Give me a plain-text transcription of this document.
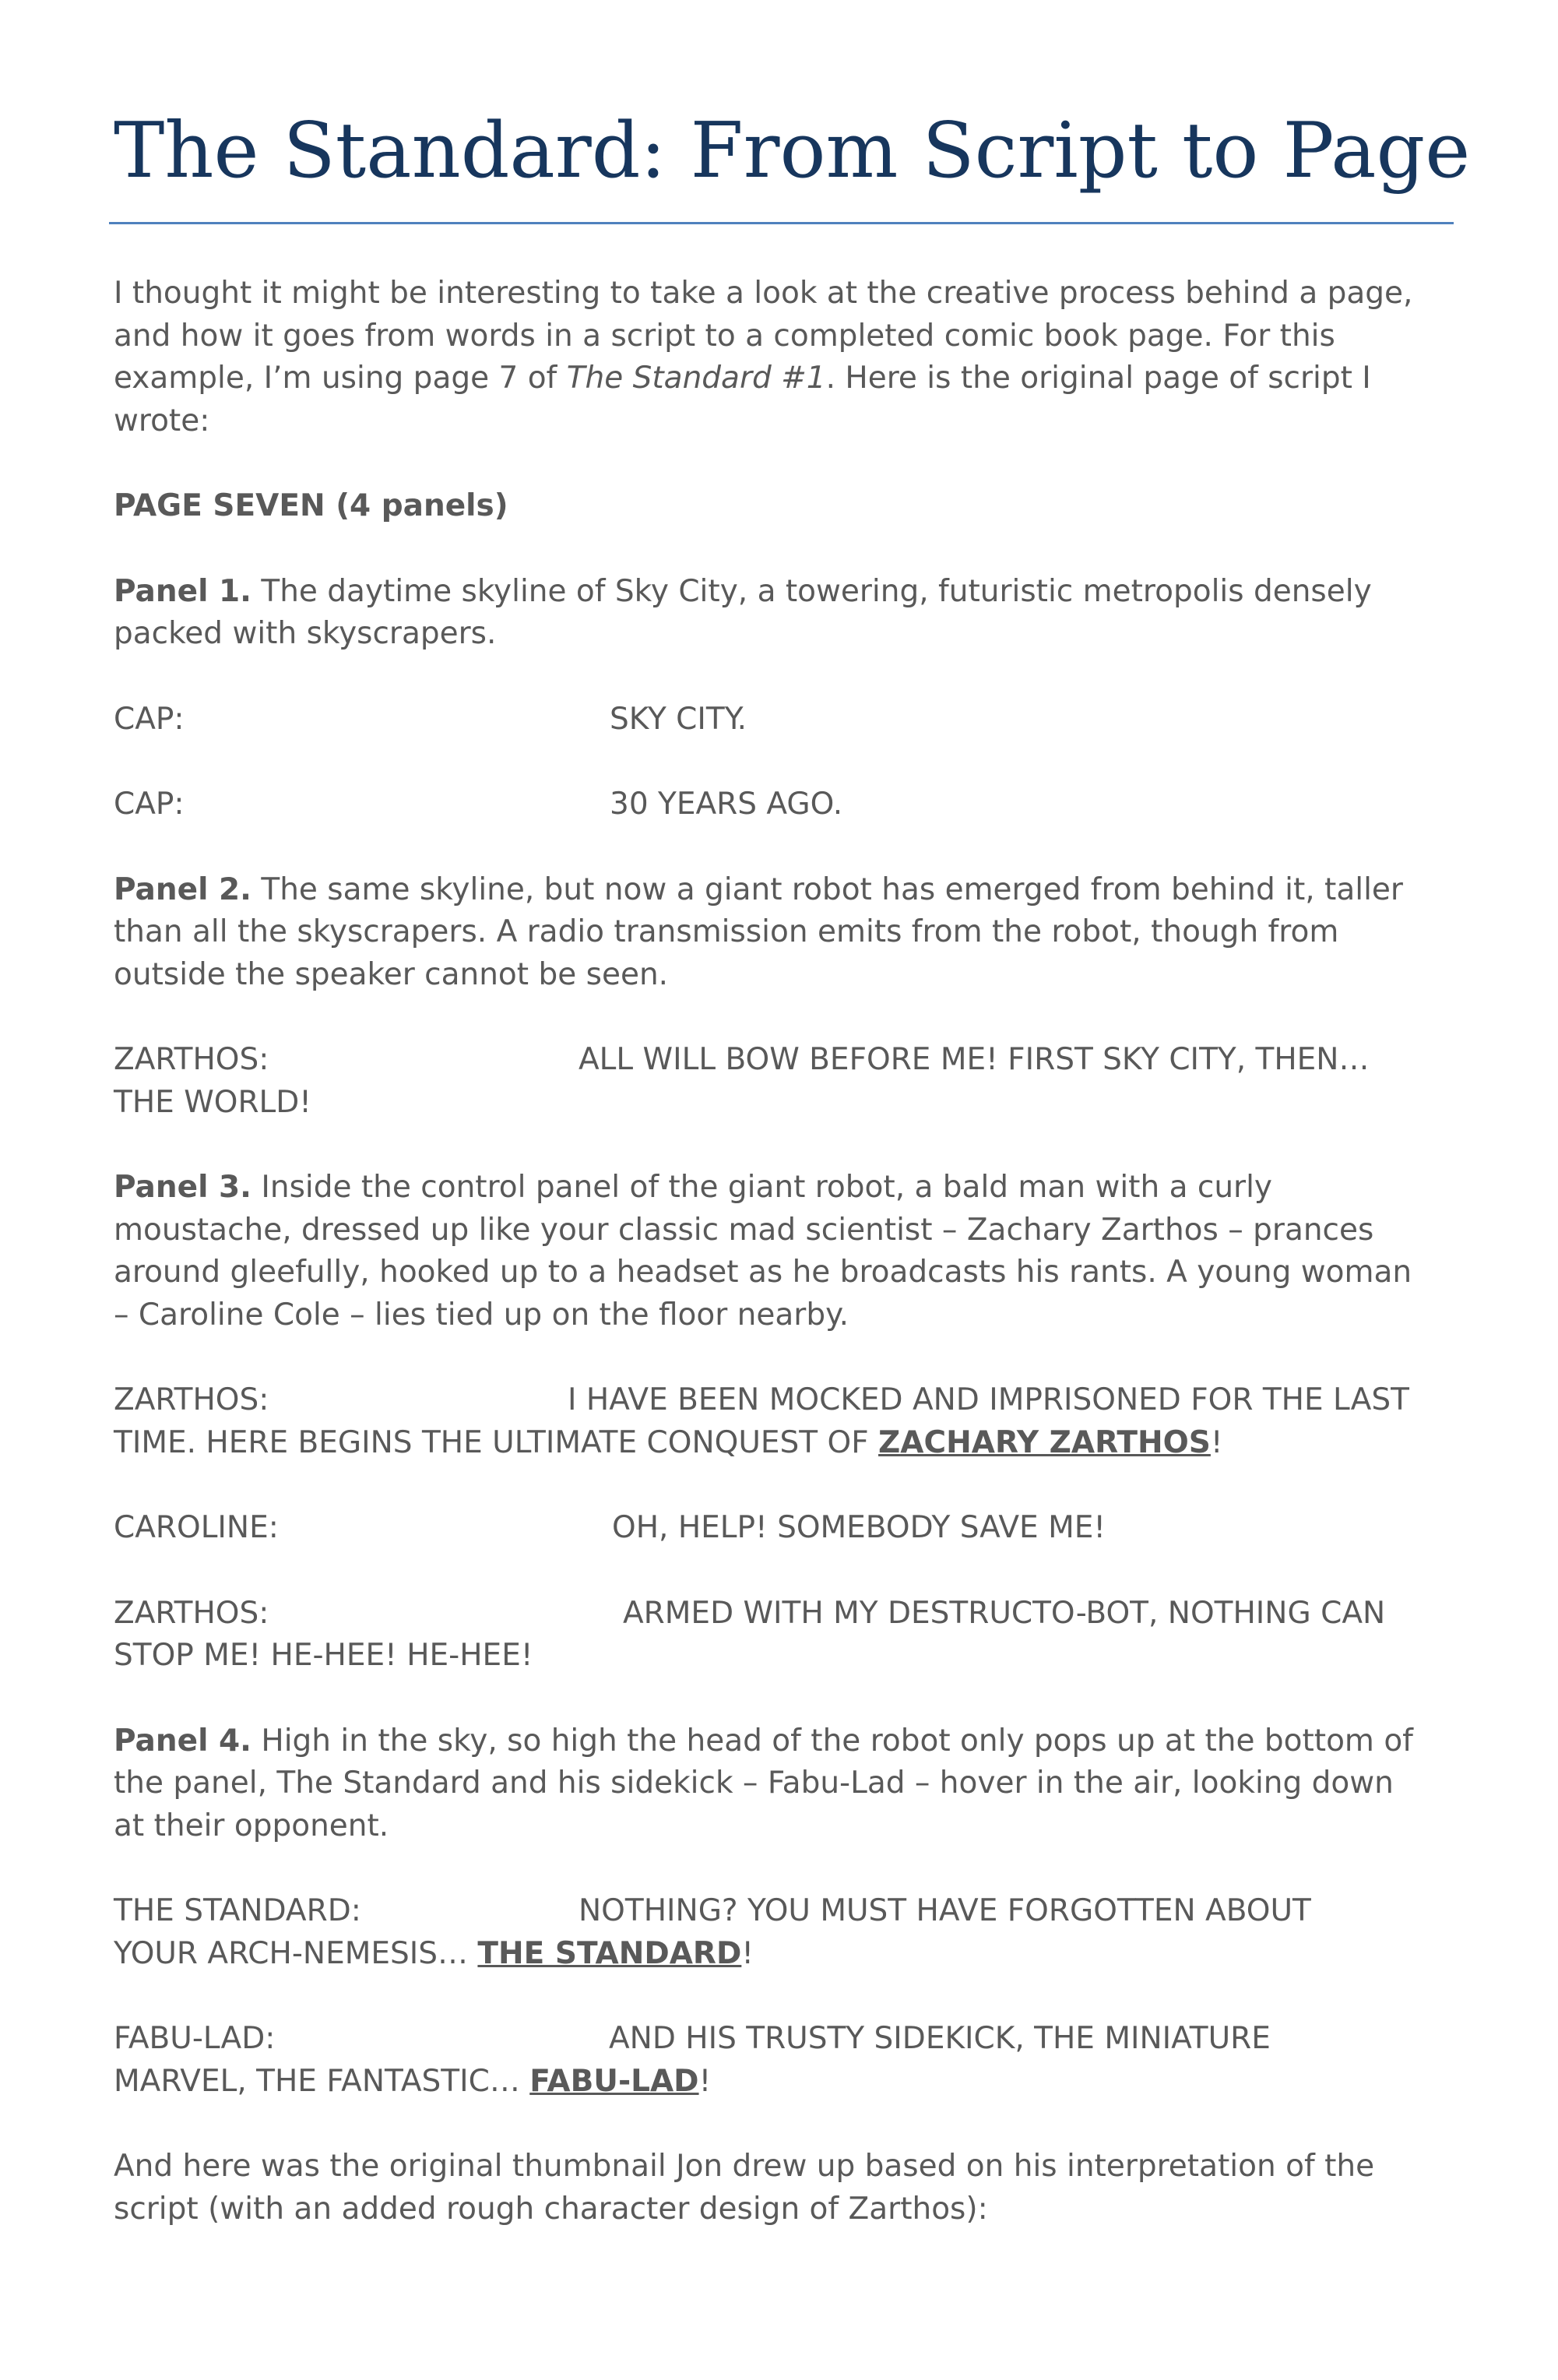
The Standard: From Script to Page
I thought it might be interesting to take a look at the creative process behind a page,
and how it goes from words in a script to a completed comic book page. For this
example, I’m using page 7 of The Standard #1. Here is the original page of script I
wrote:
PAGE SEVEN (4 panels)
Panel 1. The daytime skyline of Sky City, a towering, futuristic metropolis densely
packed with skyscrapers.
CAP:	SKY CITY.
CAP:	30 YEARS AGO.
Panel 2. The same skyline, but now a giant robot has emerged from behind it, taller
than all the skyscrapers. A radio transmission emits from the robot, though from
outside the speaker cannot be seen.
ZARTHOS:	ALL WILL BOW BEFORE ME! FIRST SKY CITY, THEN…
THE WORLD!
Panel 3. Inside the control panel of the giant robot, a bald man with a curly
moustache, dressed up like your classic mad scientist – Zachary Zarthos – prances
around gleefully, hooked up to a headset as he broadcasts his rants. A young woman
– Caroline Cole – lies tied up on the floor nearby.
ZARTHOS:	I HAVE BEEN MOCKED AND IMPRISONED FOR THE LAST
TIME. HERE BEGINS THE ULTIMATE CONQUEST OF ZACHARY ZARTHOS!
CAROLINE:	OH, HELP! SOMEBODY SAVE ME!
ZARTHOS:	ARMED WITH MY DESTRUCTO-BOT, NOTHING CAN
STOP ME! HE-HEE! HE-HEE!
Panel 4. High in the sky, so high the head of the robot only pops up at the bottom of
the panel, The Standard and his sidekick – Fabu-Lad – hover in the air, looking down
at their opponent.
THE STANDARD:	NOTHING? YOU MUST HAVE FORGOTTEN ABOUT
YOUR ARCH-NEMESIS… THE STANDARD!
FABU-LAD:	AND HIS TRUSTY SIDEKICK, THE MINIATURE
MARVEL, THE FANTASTIC… FABU-LAD!
And here was the original thumbnail Jon drew up based on his interpretation of the
script (with an added rough character design of Zarthos):
